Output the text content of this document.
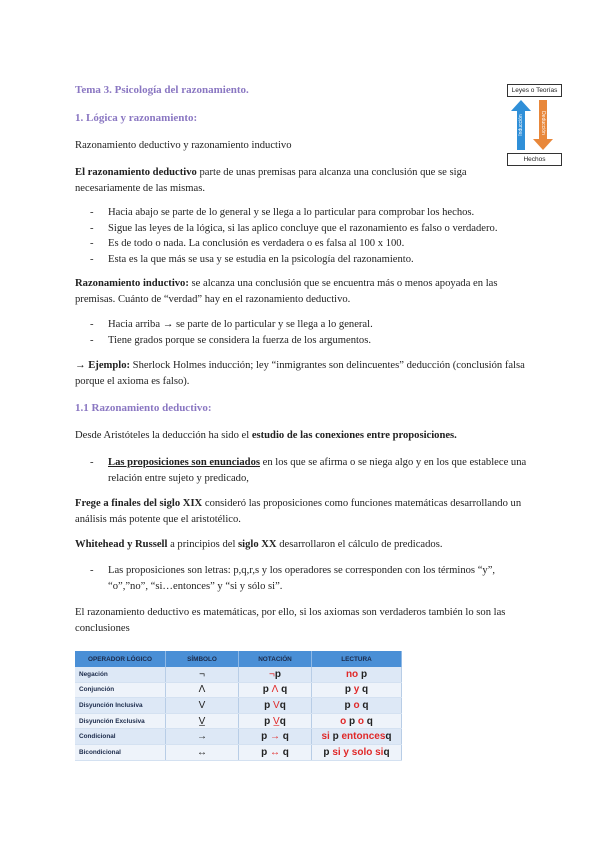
Tema 3. Psicología del razonamiento.
1. Lógica y razonamiento:
Leyes o Teorías
Hechos
Inducción	Deducción

Razonamiento deductivo y razonamiento inductivo

El razonamiento deductivo parte de unas premisas para alcanza una conclusión que se siga necesariamente de las mismas.

- Hacia abajo se parte de lo general y se llega a lo particular para comprobar los hechos.
- Sigue las leyes de la lógica, si las aplico concluye que el razonamiento es falso o verdadero.
- Es de todo o nada. La conclusión es verdadera o es falsa al 100 x 100.
- Esta es la que más se usa y se estudia en la psicología del razonamiento.

Razonamiento inductivo: se alcanza una conclusión que se encuentra más o menos apoyada en las premisas. Cuánto de “verdad” hay en el razonamiento deductivo.

- Hacia arriba → se parte de lo particular y se llega a lo general.
- Tiene grados porque se considera la fuerza de los argumentos.

→ Ejemplo: Sherlock Holmes inducción; ley “inmigrantes son delincuentes” deducción (conclusión falsa porque el axioma es falso).

1.1 Razonamiento deductivo:

Desde Aristóteles la deducción ha sido el estudio de las conexiones entre proposiciones.

- Las proposiciones son enunciados en los que se afirma o se niega algo y en los que establece una relación entre sujeto y predicado,

Frege a finales del siglo XIX consideró las proposiciones como funciones matemáticas desarrollando un análisis más potente que el aristotélico.

Whitehead y Russell a principios del siglo XX desarrollaron el cálculo de predicados.

- Las proposiciones son letras: p,q,r,s y los operadores se corresponden con los términos “y”, “o”,”no”, “si…entonces” y “si y sólo si”.

El razonamiento deductivo es matemáticas, por ello, si los axiomas son verdaderos también lo son las conclusiones

OPERADOR LÓGICO	SÍMBOLO	NOTACIÓN	LECTURA
Negación	¬	¬p	no p
Conjunción	Λ	p Λ q	p y q
Disyunción Inclusiva	V	p Vq	p o q
Disyunción Exclusiva	V̲	p V̲q	o p o q
Condicional	→	p → q	si p entoncesq
Bicondicional	↔	p ↔ q	p si y solo siq
